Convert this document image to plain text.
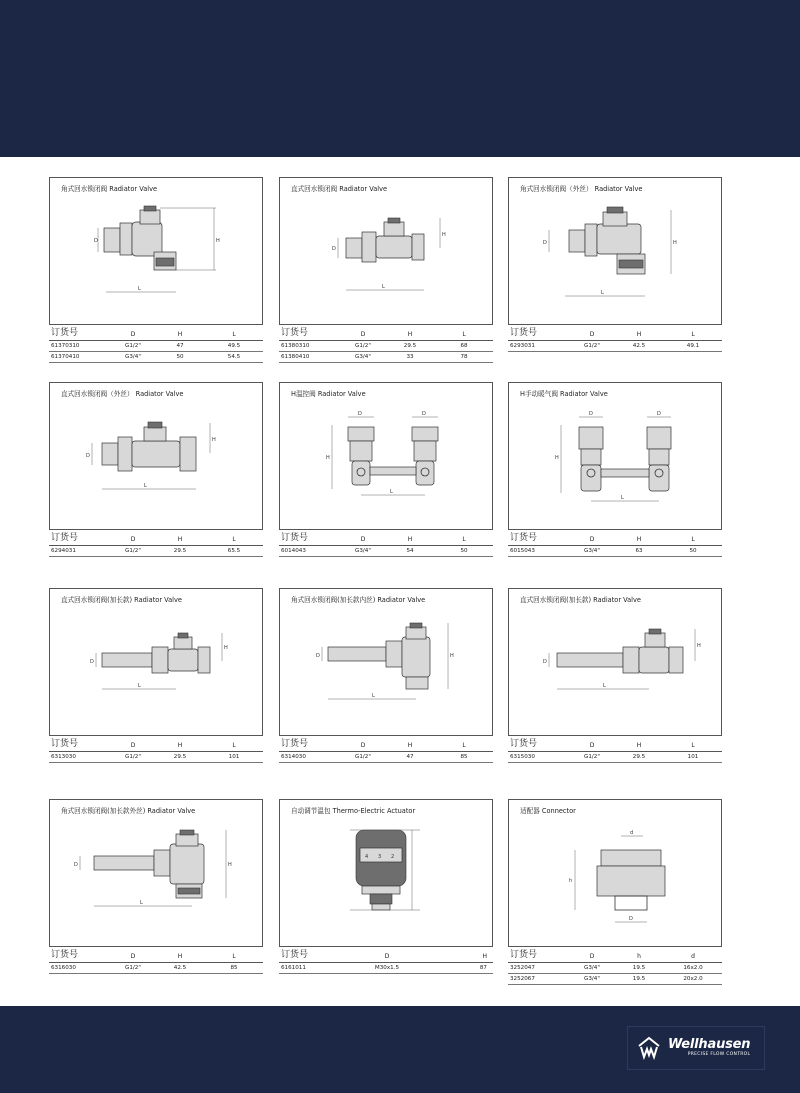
角式回水锁闭阀 Radiator Valve
D
L
H
订货号	D	H	L
61370310	G1/2"	47	49.5
61370410	G3/4"	50	54.5
直式回水锁闭阀 Radiator Valve
D
L
H
订货号	D	H	L
61380310	G1/2"	29.5	68
61380410	G3/4"	33	78
角式回水锁闭阀（外丝） Radiator Valve
D
L
H
订货号	D	H	L
6293031	G1/2"	42.5	49.1
直式回水锁闭阀（外丝） Radiator Valve
D
L
H
订货号	D	H	L
6294031	G1/2"	29.5	65.5
H温控阀 Radiator Valve
D	D
H
L
订货号	D	H	L
6014043	G3/4"	54	50
H手动暖气阀 Radiator Valve
D	D
H
L
订货号	D	H	L
6015043	G3/4"	63	50
直式回水锁闭阀(加长款) Radiator Valve
D
L
H
订货号	D	H	L
6313030	G1/2"	29.5	101
角式回水锁闭阀(加长款内丝) Radiator Valve
D
L
H
订货号	D	H	L
6314030	G1/2"	47	85
直式回水锁闭阀(加长款) Radiator Valve
D
L
H
订货号	D	H	L
6315030	G1/2"	29.5	101
角式回水锁闭阀(加长款外丝) Radiator Valve
D
L
H
订货号	D	H	L
6316030	G1/2"	42.5	85
自动调节温包 Thermo-Electric Actuator
4 3 2
订货号	D	H
6161011	M30x1.5	87
适配器 Connector
d
h
D
订货号	D	h	d
3252047	G3/4"	19.5	16x2.0
3252067	G3/4"	19.5	20x2.0
Wellhausen
PRECISE FLOW CONTROL
